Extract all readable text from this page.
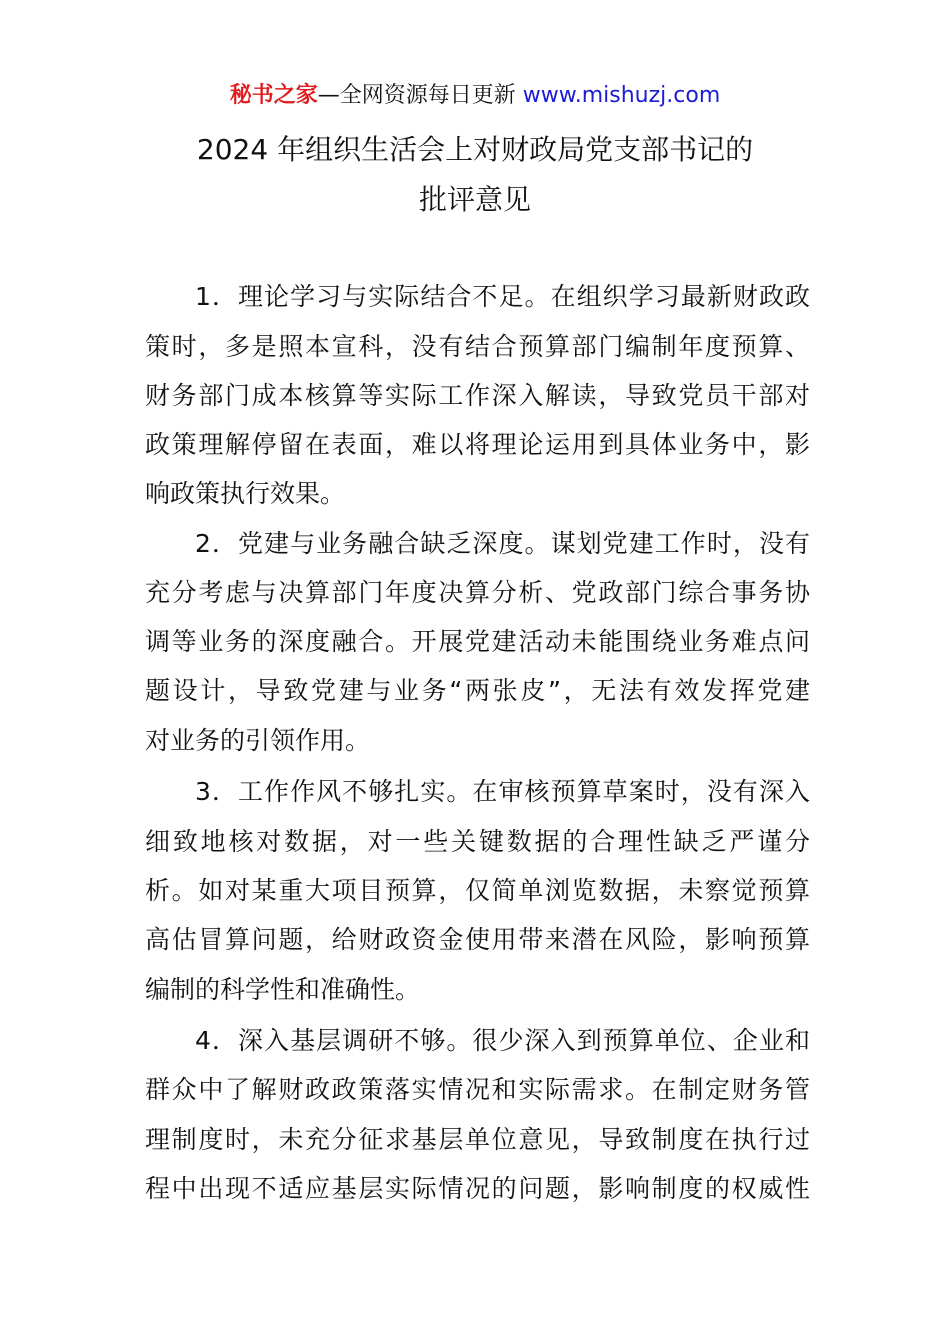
秘书之家—全网资源每日更新 www.mishuzj.com
2024 年组织生活会上对财政局党支部书记的
批评意见
1．理论学习与实际结合不足。在组织学习最新财政政
策时，多是照本宣科，没有结合预算部门编制年度预算、
财务部门成本核算等实际工作深入解读，导致党员干部对
政策理解停留在表面，难以将理论运用到具体业务中，影
响政策执行效果。
2．党建与业务融合缺乏深度。谋划党建工作时，没有
充分考虑与决算部门年度决算分析、党政部门综合事务协
调等业务的深度融合。开展党建活动未能围绕业务难点问
题设计，导致党建与业务“两张皮”，无法有效发挥党建
对业务的引领作用。
3．工作作风不够扎实。在审核预算草案时，没有深入
细致地核对数据，对一些关键数据的合理性缺乏严谨分
析。如对某重大项目预算，仅简单浏览数据，未察觉预算
高估冒算问题，给财政资金使用带来潜在风险，影响预算
编制的科学性和准确性。
4．深入基层调研不够。很少深入到预算单位、企业和
群众中了解财政政策落实情况和实际需求。在制定财务管
理制度时，未充分征求基层单位意见，导致制度在执行过
程中出现不适应基层实际情况的问题，影响制度的权威性
